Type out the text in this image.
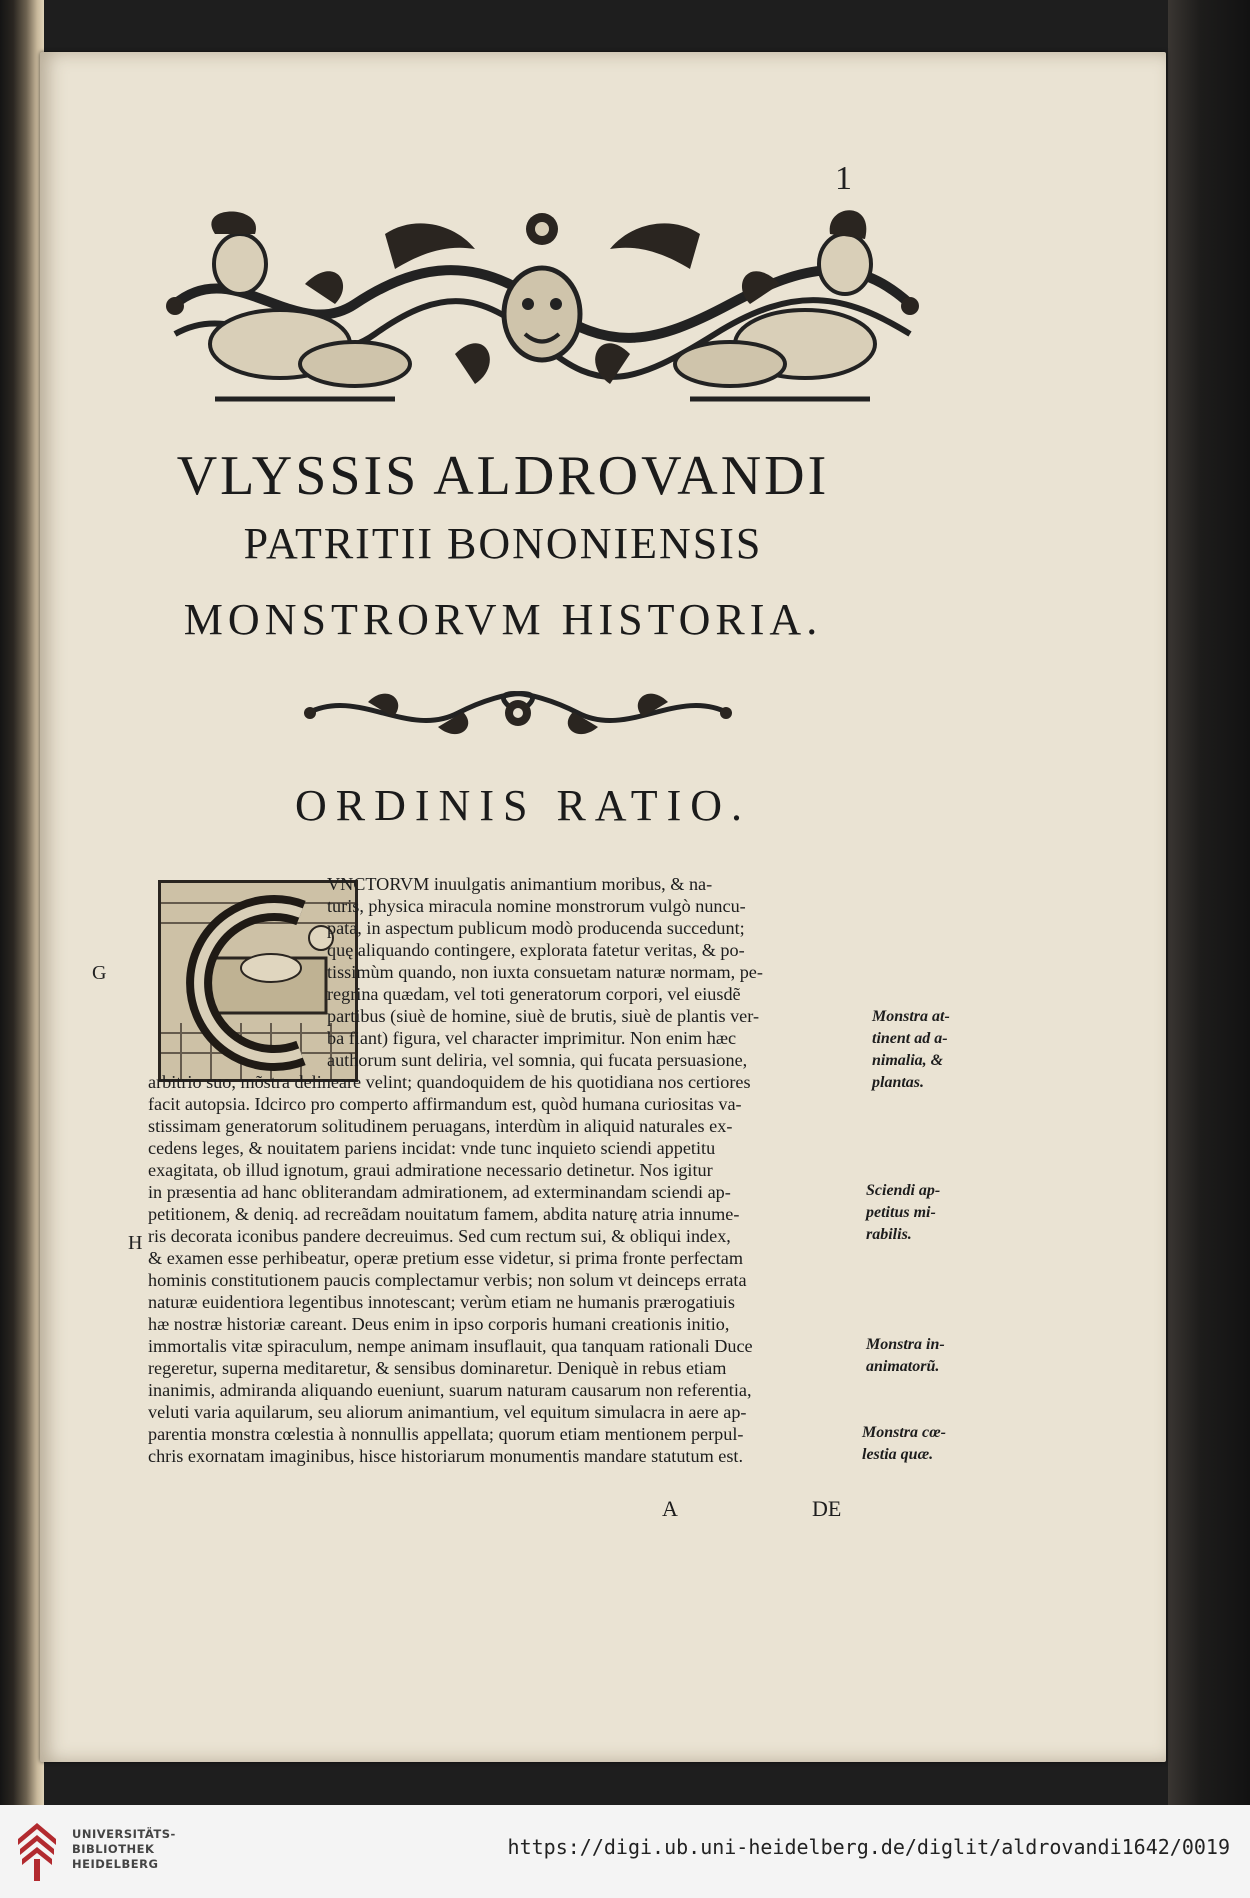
1
VLYSSIS ALDROVANDI
PATRITII BONONIENSIS
MONSTRORVM HISTORIA.
ORDINIS RATIO.
VNCTORVM inuulgatis animantium moribus, & na-
turis, physica miracula nomine monstrorum vulgò nuncu-
pata, in aspectum publicum modò producenda succedunt;
quę aliquando contingere, explorata fatetur veritas, & po-
tissimùm quando, non iuxta consuetam naturæ normam, pe-
regrina quædam, vel toti generatorum corpori, vel eiusdẽ
partibus (siuè de homine, siuè de brutis, siuè de plantis ver-
ba fiant) figura, vel character imprimitur. Non enim hæc
authorum sunt deliria, vel somnia, qui fucata persuasione,
arbitrio suo, mõstra delineare velint; quandoquidem de his quotidiana nos certiores
facit autopsia. Idcirco pro comperto affirmandum est, quòd humana curiositas va-
stissimam generatorum solitudinem peruagans, interdùm in aliquid naturales ex-
cedens leges, & nouitatem pariens incidat: vnde tunc inquieto sciendi appetitu
exagitata, ob illud ignotum, graui admiratione necessario detinetur. Nos igitur
in præsentia ad hanc obliterandam admirationem, ad exterminandam sciendi ap-
petitionem, & deniq. ad recreãdam nouitatum famem, abdita naturę atria innume-
ris decorata iconibus pandere decreuimus. Sed cum rectum sui, & obliqui index,
& examen esse perhibeatur, operæ pretium esse videtur, si prima fronte perfectam
hominis constitutionem paucis complectamur verbis; non solum vt deinceps errata
naturæ euidentiora legentibus innotescant; verùm etiam ne humanis prærogatiuis
hæ nostræ historiæ careant. Deus enim in ipso corporis humani creationis initio,
immortalis vitæ spiraculum, nempe animam insuflauit, qua tanquam rationali Duce
regeretur, superna meditaretur, & sensibus dominaretur. Deniquè in rebus etiam
inanimis, admiranda aliquando eueniunt, suarum naturam causarum non referentia,
veluti varia aquilarum, seu aliorum animantium, vel equitum simulacra in aere ap-
parentia monstra cœlestia à nonnullis appellata; quorum etiam mentionem perpul-
chris exornatam imaginibus, hisce historiarum monumentis mandare statutum est.
Monstra at-
tinent ad a-
nimalia, &
plantas.
Sciendi ap-
petitus mi-
rabilis.
Monstra in-
animatorũ.
Monstra cœ-
lestia quæ.
G
H
A	DE
UNIVERSITÄTS-
BIBLIOTHEK
HEIDELBERG
https://digi.ub.uni-heidelberg.de/diglit/aldrovandi1642/0019
